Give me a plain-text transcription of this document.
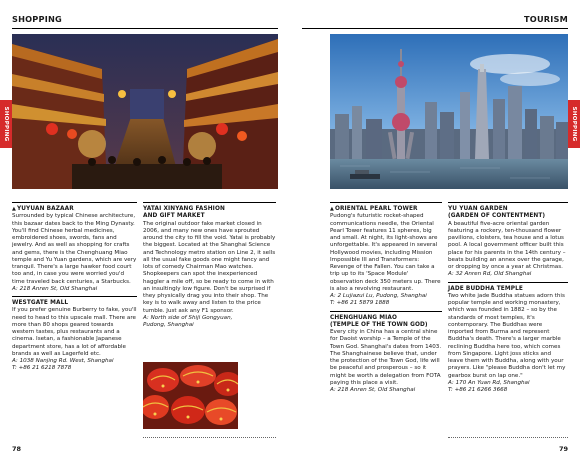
SHOPPING
SHOPPING
▲YUYUAN BAZAAR
Surrounded by typical Chinese architecture, this bazaar dates back to the Ming Dynasty. You'll find Chinese herbal medicines, embroidered shoes, swords, fans and jewelry. And as well as shopping for crafts and gems, there is the Chenghuang Miao temple and Yu Yuan gardens, which are very tranquil. There's a large hawker food court too and, in case you were worried you'd time traveled back centuries, a Starbucks.
A: 218 Anren St, Old Shanghai
WESTGATE MALL
If you prefer genuine Burberry to fake, you'll need to head to this upscale mall. There are more than 80 shops geared towards western tastes, plus restaurants and a cinema. Isetan, a fashionable Japanese department store, has a lot of affordable brands as well as Lagerfeld etc.
A: 1038 Nanjing Rd. West, Shanghai
T: +86 21 6218 7878
YATAI XINYANG FASHION
AND GIFT MARKET
The original outdoor fake market closed in 2006, and many new ones have sprouted around the city to fill the void. Yatai is probably the biggest. Located at the Shanghai Science and Technology metro station on Line 2, it sells all the usual fake goods one might fancy and lots of comedy Chairman Mao watches. Shopkeepers can spot the inexperienced haggler a mile off, so be ready to come in with an insultingly low figure. Don't be surprised if they physically drag you into their shop. The key is to walk away and listen to the price tumble. Just ask any F1 sponsor.
A: North side of Shiji Gongyuan,
Pudong, Shanghai
78
TOURISM
SHOPPING
▲ORIENTAL PEARL TOWER
Pudong's futuristic rocket-shaped communications needle, the Oriental Pearl Tower features 11 spheres, big and small. At night, its light-shows are unforgettable. It's appeared in several Hollywood movies, including Mission Impossible III and Transformers: Revenge of the Fallen. You can take a trip up to its 'Space Module' observation deck 350 meters up. There is also a revolving restaurant.
A: 2 Lujiazui Lu, Pudong, Shanghai
T: +86 21 5879 1888
CHENGHUANG MIAO
(TEMPLE OF THE TOWN GOD)
Every city in China has a central shine for Daoist worship – a Temple of the Town God. Shanghai's dates from 1403. The Shanghainese believe that, under the protection of the Town God, life will be peaceful and prosperous – so it might be worth a delegation from FOTA paying this place a visit.
A: 218 Anren St, Old Shanghai
YU YUAN GARDEN
(GARDEN OF CONTENTMENT)
A beautiful five-acre oriental garden featuring a rockery, ten-thousand flower pavilions, cloisters, tea house and a lotus pool. A local government officer built this place for his parents in the 14th century – beats building an annex over the garage, or dropping by once a year at Christmas.
A: 32 Anren Rd, Old Shanghai
JADE BUDDHA TEMPLE
Two white jade Buddha statues adorn this popular temple and working monastery, which was founded in 1882 – so by the standards of most temples, it's contemporary. The Buddhas were imported from Burma and represent Buddha's death. There's a larger marble reclining Buddha here too, which comes from Singapore. Light joss sticks and leave them with Buddha, along with your prayers. Like "please Buddha don't let my gearbox burst on lap one."
A: 170 An Yuan Rd, Shanghai
T: +86 21 6266 3668
79
